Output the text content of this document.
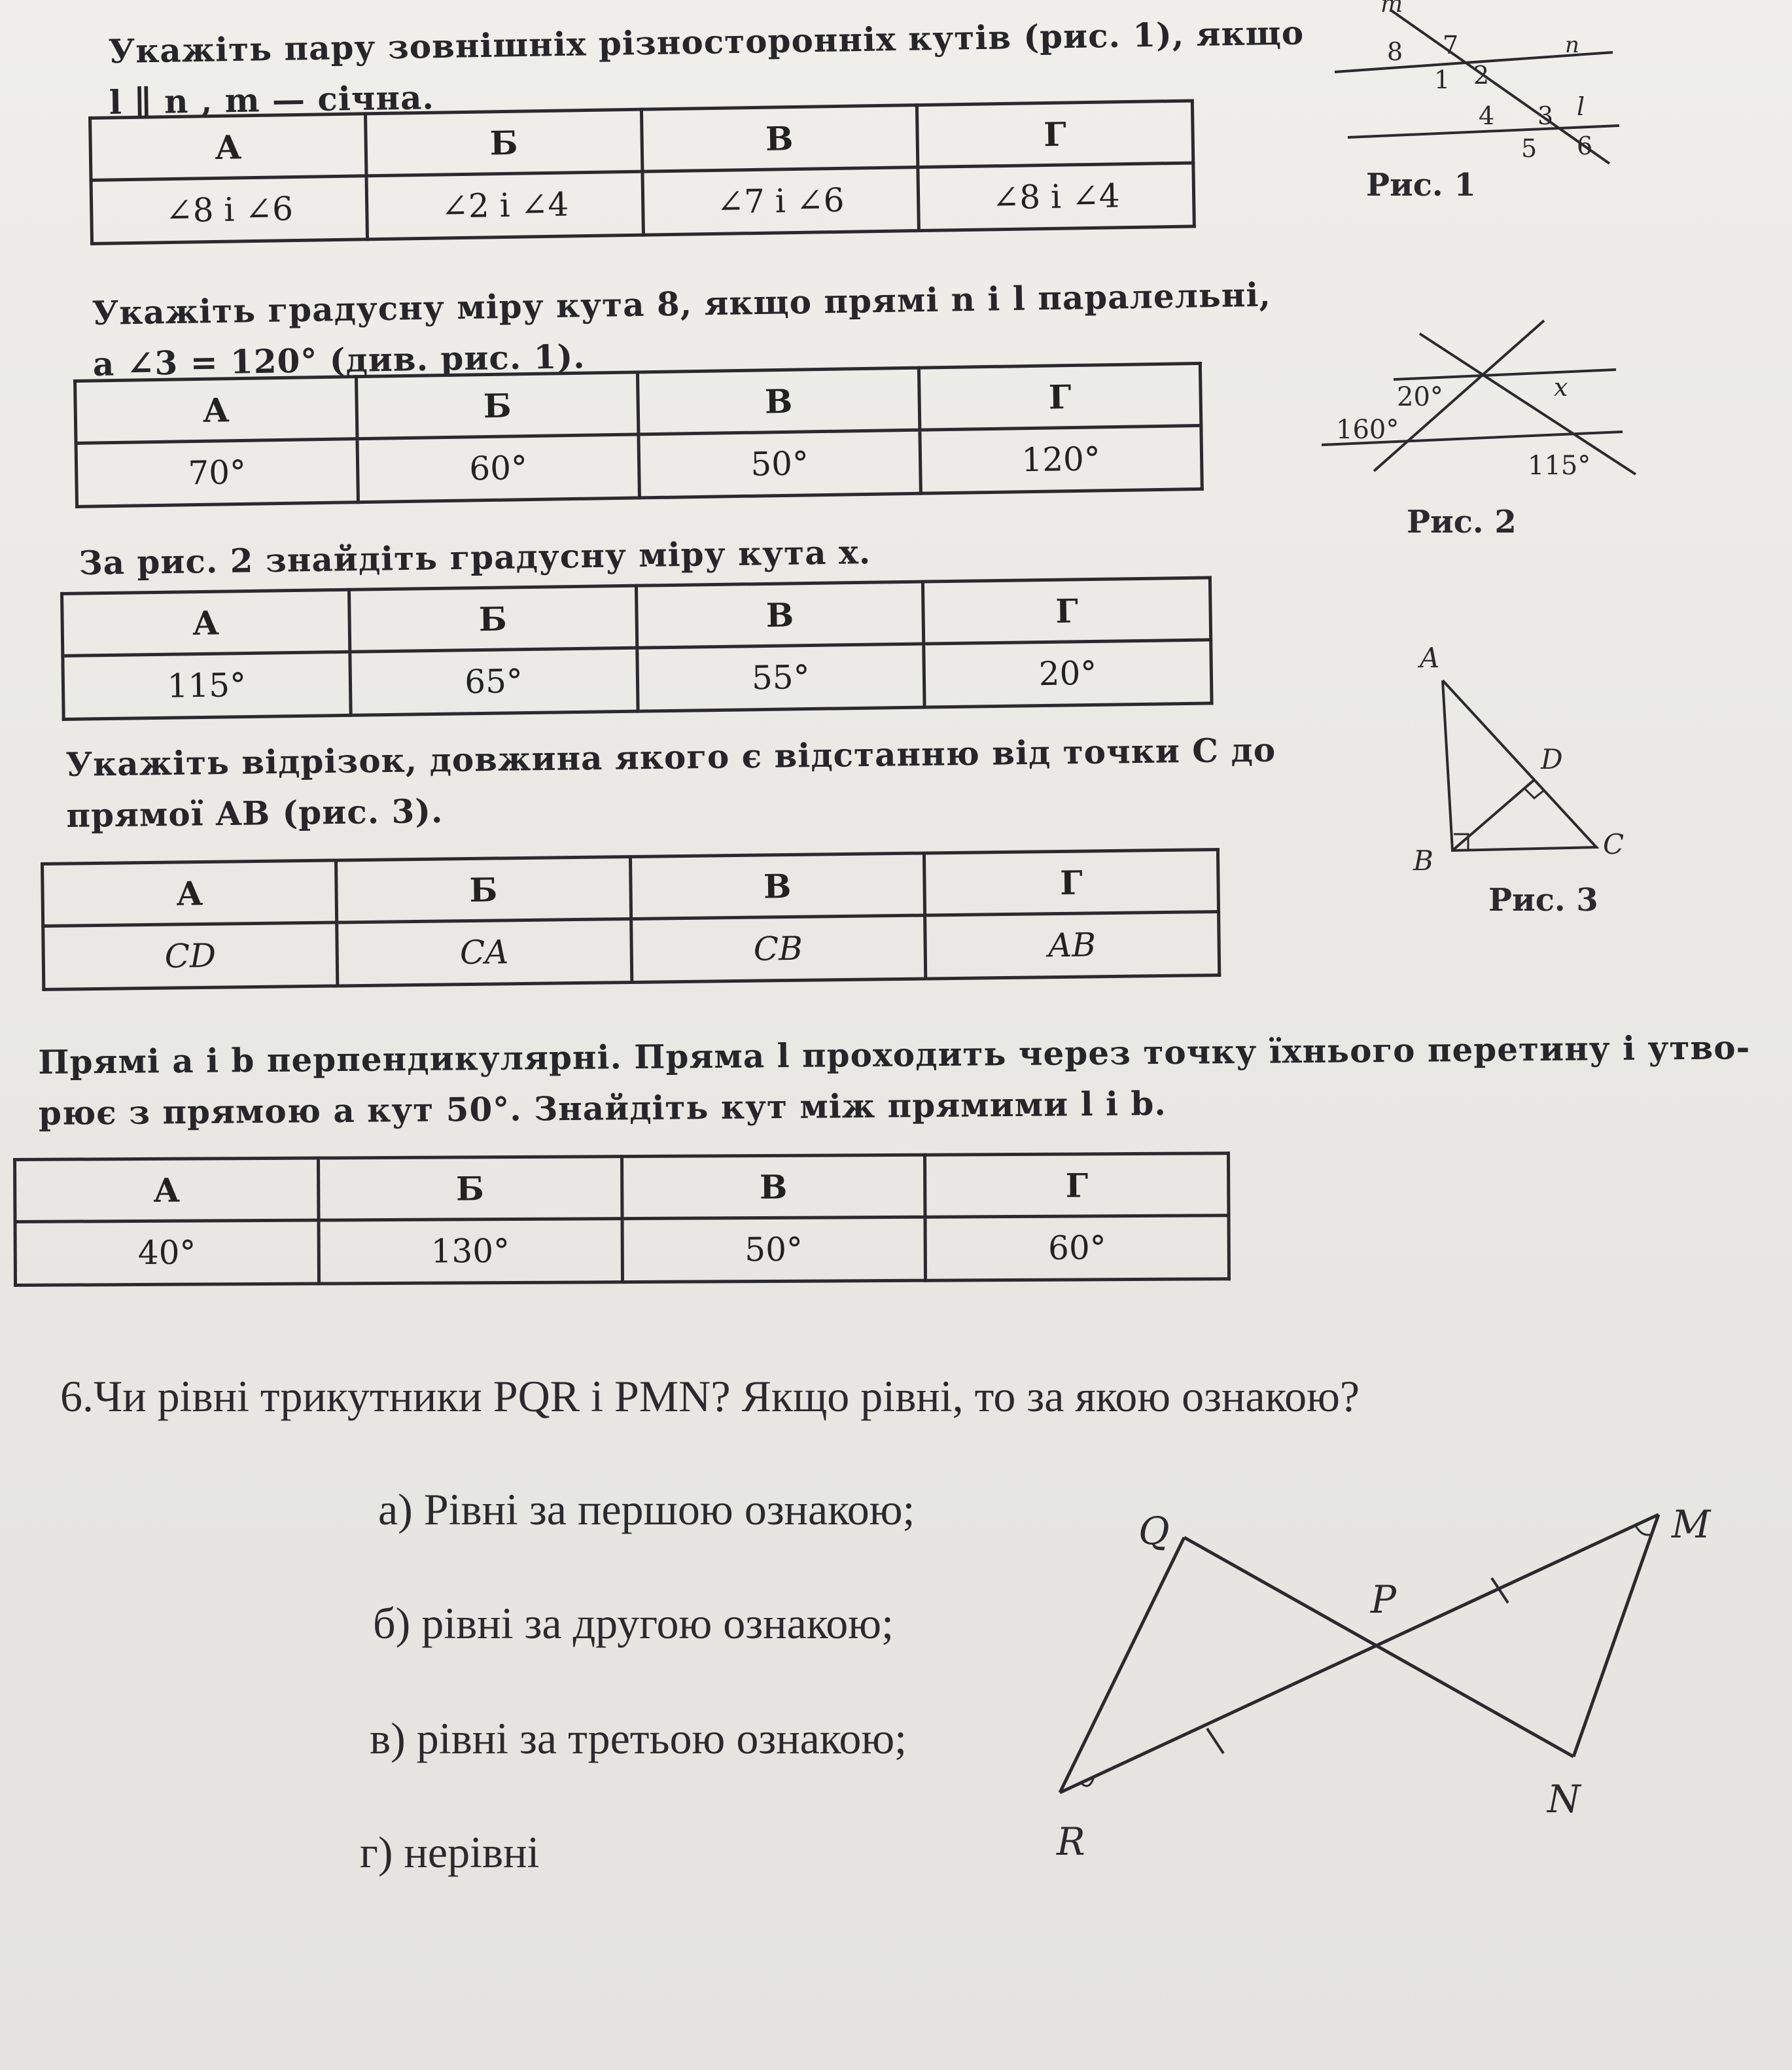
Укажіть пару зовнішніх різносторонніх кутів (рис. 1), якщо
l ∥ n , m — січна.
А	Б	В	Г
∠8 і ∠6	∠2 і ∠4	∠7 і ∠6	∠8 і ∠4
Укажіть градусну міру кута 8, якщо прямі n і l паралельні,
а ∠3 = 120° (див. рис. 1).
А	Б	В	Г
70°	60°	50°	120°
За рис. 2 знайдіть градусну міру кута x.
А	Б	В	Г
115°	65°	55°	20°
Укажіть відрізок, довжина якого є відстанню від точки C до
прямої AB (рис. 3).
А	Б	В	Г
CD	CA	CB	AB
Прямі a і b перпендикулярні. Пряма l проходить через точку їхнього перетину і утво-
рює з прямою a кут 50°. Знайдіть кут між прямими l і b.
А	Б	В	Г
40°	130°	50°	60°
m
n
l
8 7
1 2
3
4
5 6
Рис. 1
20°
160°
x
115°
Рис. 2
A
D
B
C
Рис. 3
6.Чи рівні трикутники PQR і PMN? Якщо рівні, то за якою ознакою?
а) Рівні за першою ознакою;
б) рівні за другою ознакою;
в) рівні за третьою ознакою;
г) нерівні
Q	M
P
R
N
